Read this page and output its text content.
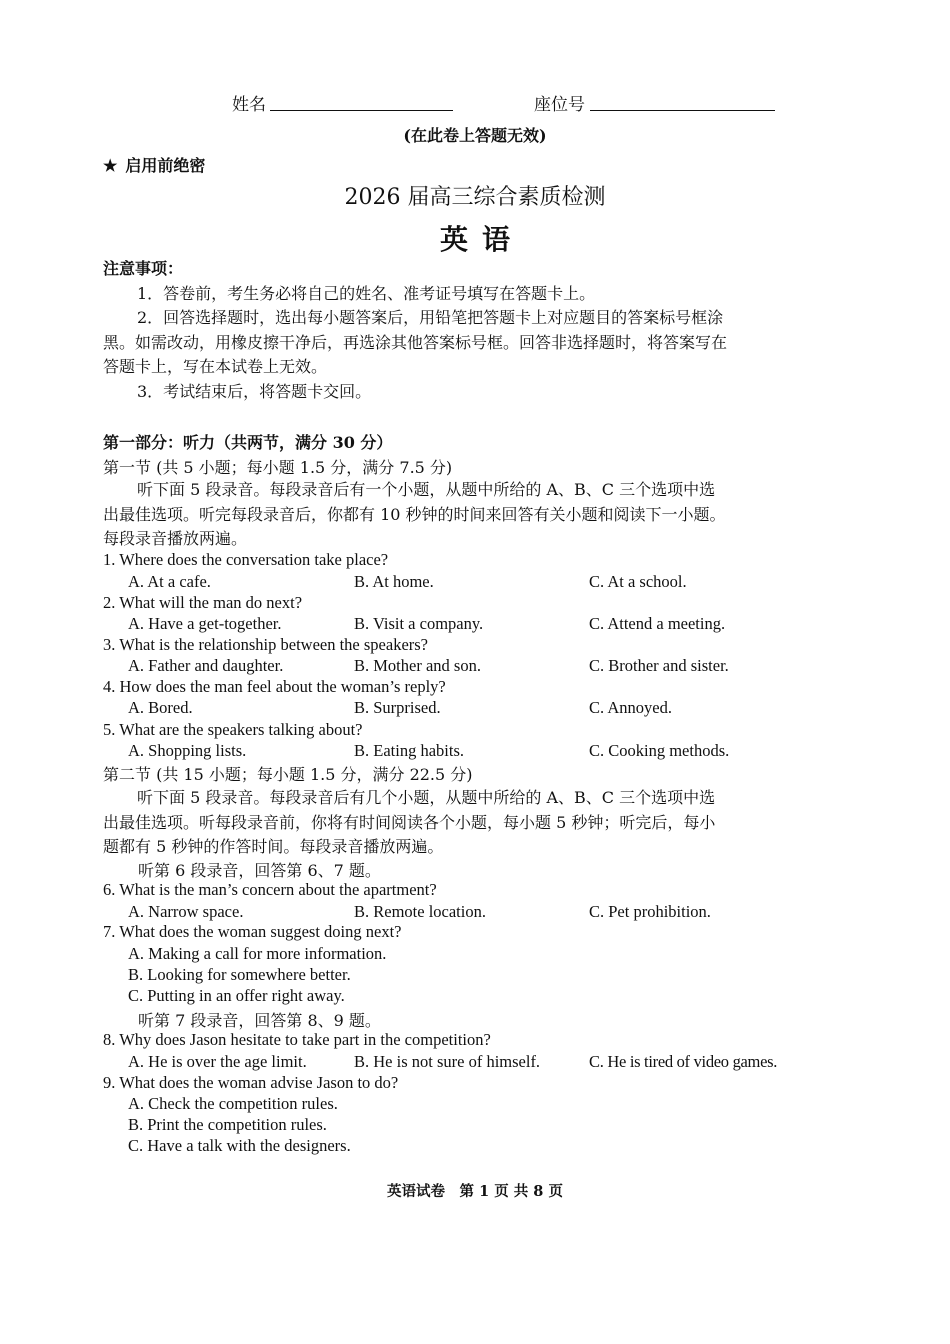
姓名	座位号
(在此卷上答题无效)
★ 启用前绝密
2026 届高三综合素质检测
英语

注意事项：

1．答卷前，考生务必将自己的姓名、准考证号填写在答题卡上。

2．回答选择题时，选出每小题答案后，用铅笔把答题卡上对应题目的答案标号框涂

黑。如需改动，用橡皮擦干净后，再选涂其他答案标号框。回答非选择题时，将答案写在

答题卡上，写在本试卷上无效。

3．考试结束后，将答题卡交回。

第一部分：听力（共两节，满分 30 分）
第一节 (共 5 小题；每小题 1.5 分，满分 7.5 分)

听下面 5 段录音。每段录音后有一个小题，从题中所给的 A、B、C 三个选项中选

出最佳选项。听完每段录音后，你都有 10 秒钟的时间来回答有关小题和阅读下一小题。

每段录音播放两遍。

1. Where does the conversation take place?
A. At a cafe.	B. At home.	C. At a school.
2. What will the man do next?
A. Have a get-together.	B. Visit a company.	C. Attend a meeting.
3. What is the relationship between the speakers?
A. Father and daughter.	B. Mother and son.	C. Brother and sister.
4. How does the man feel about the woman’s reply?
A. Bored.	B. Surprised.	C. Annoyed.
5. What are the speakers talking about?
A. Shopping lists.	B. Eating habits.	C. Cooking methods.
第二节 (共 15 小题；每小题 1.5 分，满分 22.5 分)

听下面 5 段录音。每段录音后有几个小题，从题中所给的 A、B、C 三个选项中选

出最佳选项。听每段录音前，你将有时间阅读各个小题，每小题 5 秒钟；听完后，每小

题都有 5 秒钟的作答时间。每段录音播放两遍。

听第 6 段录音，回答第 6、7 题。
6. What is the man’s concern about the apartment?
A. Narrow space.	B. Remote location.	C. Pet prohibition.
7. What does the woman suggest doing next?
A. Making a call for more information.
B. Looking for somewhere better.
C. Putting in an offer right away.
听第 7 段录音，回答第 8、9 题。
8. Why does Jason hesitate to take part in the competition?
A. He is over the age limit.	B. He is not sure of himself.	C. He is tired of video games.
9. What does the woman advise Jason to do?
A. Check the competition rules.
B. Print the competition rules.
C. Have a talk with the designers.
英语试卷　第 1 页 共 8 页
